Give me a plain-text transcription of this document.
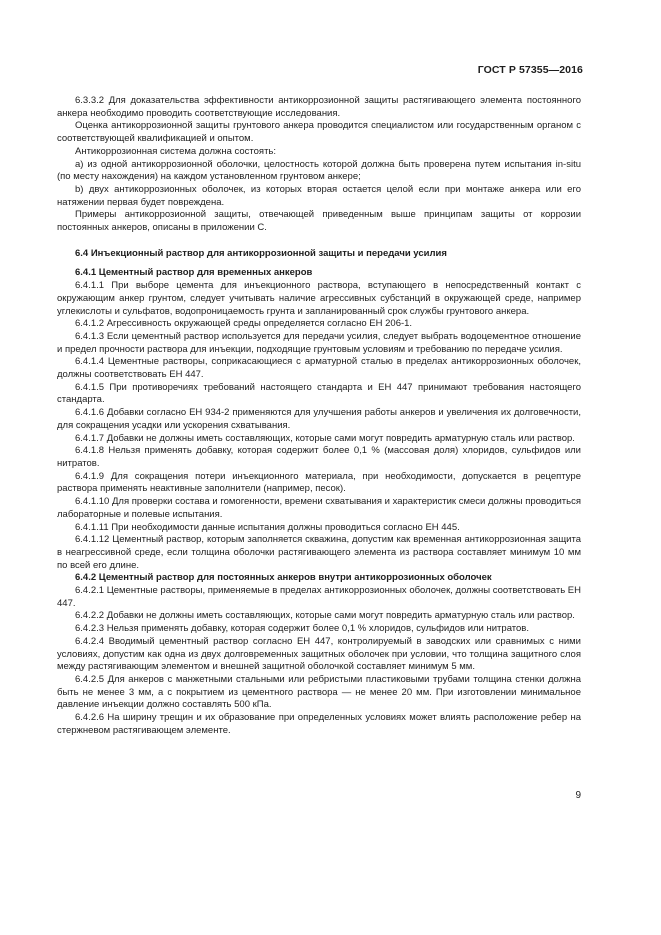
ГОСТ Р 57355—2016

6.3.3.2 Для доказательства эффективности антикоррозионной защиты растягивающего элемента постоянного анкера необходимо проводить соответствующие исследования.

Оценка антикоррозионной защиты грунтового анкера проводится специалистом или государственным органом с соответствующей квалификацией и опытом.

Антикоррозионная система должна состоять:

а) из одной антикоррозионной оболочки, целостность которой должна быть проверена путем испытания in-situ (по месту нахождения) на каждом установленном грунтовом анкере;

b) двух антикоррозионных оболочек, из которых вторая остается целой если при монтаже анкера или его натяжении первая будет повреждена.

Примеры антикоррозионной защиты, отвечающей приведенным выше принципам защиты от коррозии постоянных анкеров, описаны в приложении С.

6.4 Инъекционный раствор для антикоррозионной защиты и передачи усилия

6.4.1 Цементный раствор для временных анкеров

6.4.1.1 При выборе цемента для инъекционного раствора, вступающего в непосредственный контакт с окружающим анкер грунтом, следует учитывать наличие агрессивных субстанций в окружающей среде, например углекислоты и сульфатов, водопроницаемость грунта и запланированный срок службы грунтового анкера.

6.4.1.2 Агрессивность окружающей среды определяется согласно ЕН 206-1.

6.4.1.3 Если цементный раствор используется для передачи усилия, следует выбрать водоцементное отношение и предел прочности раствора для инъекции, подходящие грунтовым условиям и требованию по передаче усилия.

6.4.1.4 Цементные растворы, соприкасающиеся с арматурной сталью в пределах антикоррозионных оболочек, должны соответствовать ЕН 447.

6.4.1.5 При противоречиях требований настоящего стандарта и ЕН 447 принимают требования настоящего стандарта.

6.4.1.6 Добавки согласно ЕН 934-2 применяются для улучшения работы анкеров и увеличения их долговечности, для сокращения усадки или ускорения схватывания.

6.4.1.7 Добавки не должны иметь составляющих, которые сами могут повредить арматурную сталь или раствор.

6.4.1.8 Нельзя применять добавку, которая содержит более 0,1 % (массовая доля) хлоридов, сульфидов или нитратов.

6.4.1.9 Для сокращения потери инъекционного материала, при необходимости, допускается в рецептуре раствора применять неактивные заполнители (например, песок).

6.4.1.10 Для проверки состава и гомогенности, времени схватывания и характеристик смеси должны проводиться лабораторные и полевые испытания.

6.4.1.11 При необходимости данные испытания должны проводиться согласно ЕН 445.

6.4.1.12 Цементный раствор, которым заполняется скважина, допустим как временная антикоррозионная защита в неагрессивной среде, если толщина оболочки растягивающего элемента из раствора составляет минимум 10 мм по всей его длине.

6.4.2 Цементный раствор для постоянных анкеров внутри антикоррозионных оболочек

6.4.2.1 Цементные растворы, применяемые в пределах антикоррозионных оболочек, должны соответствовать ЕН 447.

6.4.2.2 Добавки не должны иметь составляющих, которые сами могут повредить арматурную сталь или раствор.

6.4.2.3 Нельзя применять добавку, которая содержит более 0,1 % хлоридов, сульфидов или нитратов.

6.4.2.4 Вводимый цементный раствор согласно ЕН 447, контролируемый в заводских или сравнимых с ними условиях, допустим как одна из двух долговременных защитных оболочек при условии, что толщина защитного слоя между растягивающим элементом и внешней защитной оболочкой составляет минимум 5 мм.

6.4.2.5 Для анкеров с манжетными стальными или ребристыми пластиковыми трубами толщина стенки должна быть не менее 3 мм, а с покрытием из цементного раствора — не менее 20 мм. При изготовлении минимальное давление инъекции должно составлять 500 кПа.

6.4.2.6 На ширину трещин и их образование при определенных условиях может влиять расположение ребер на стержневом растягивающем элементе.

9
